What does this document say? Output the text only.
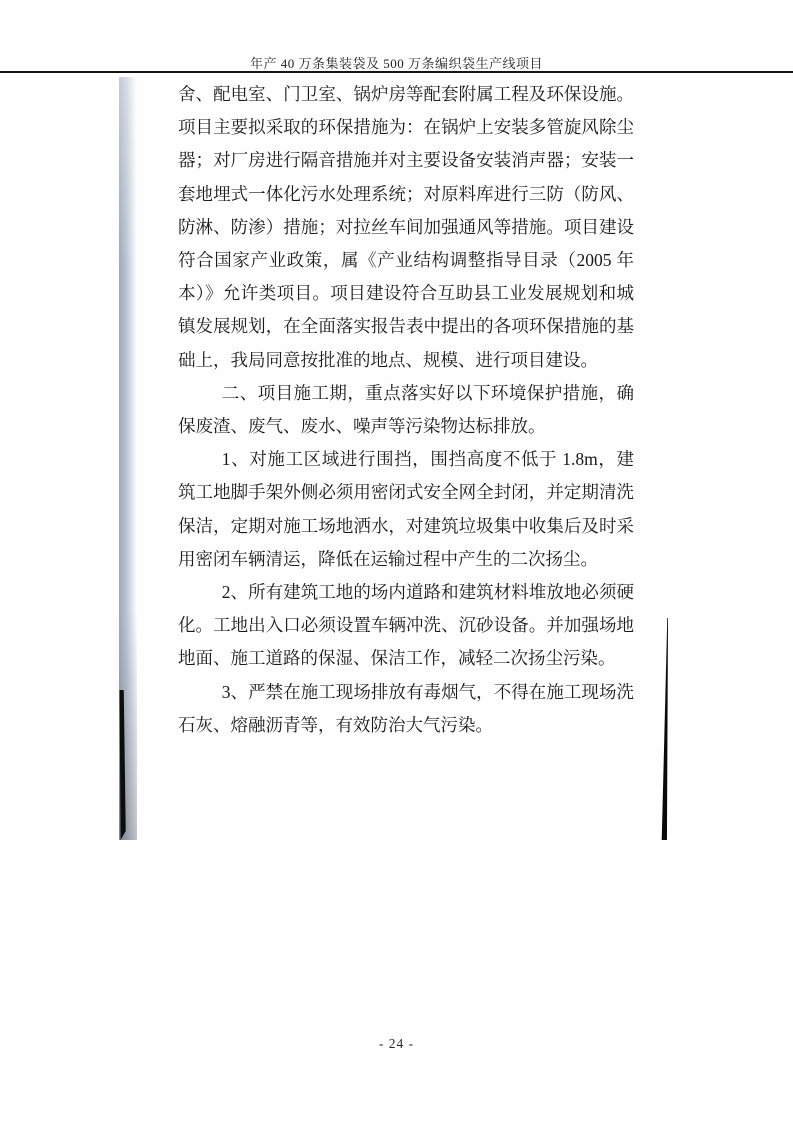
年产 40 万条集装袋及 500 万条编织袋生产线项目

舍、配电室、门卫室、锅炉房等配套附属工程及环保设施。项目主要拟采取的环保措施为：在锅炉上安装多管旋风除尘器；对厂房进行隔音措施并对主要设备安装消声器；安装一套地埋式一体化污水处理系统；对原料库进行三防（防风、防淋、防渗）措施；对拉丝车间加强通风等措施。项目建设符合国家产业政策，属《产业结构调整指导目录（2005 年本）》允许类项目。项目建设符合互助县工业发展规划和城镇发展规划，在全面落实报告表中提出的各项环保措施的基础上，我局同意按批准的地点、规模、进行项目建设。

二、项目施工期，重点落实好以下环境保护措施，确保废渣、废气、废水、噪声等污染物达标排放。

1、对施工区域进行围挡，围挡高度不低于 1.8m，建筑工地脚手架外侧必须用密闭式安全网全封闭，并定期清洗保洁，定期对施工场地洒水，对建筑垃圾集中收集后及时采用密闭车辆清运，降低在运输过程中产生的二次扬尘。

2、所有建筑工地的场内道路和建筑材料堆放地必须硬化。工地出入口必须设置车辆冲洗、沉砂设备。并加强场地地面、施工道路的保湿、保洁工作，减轻二次扬尘污染。

3、严禁在施工现场排放有毒烟气，不得在施工现场洗石灰、熔融沥青等，有效防治大气污染。

- 24 -
